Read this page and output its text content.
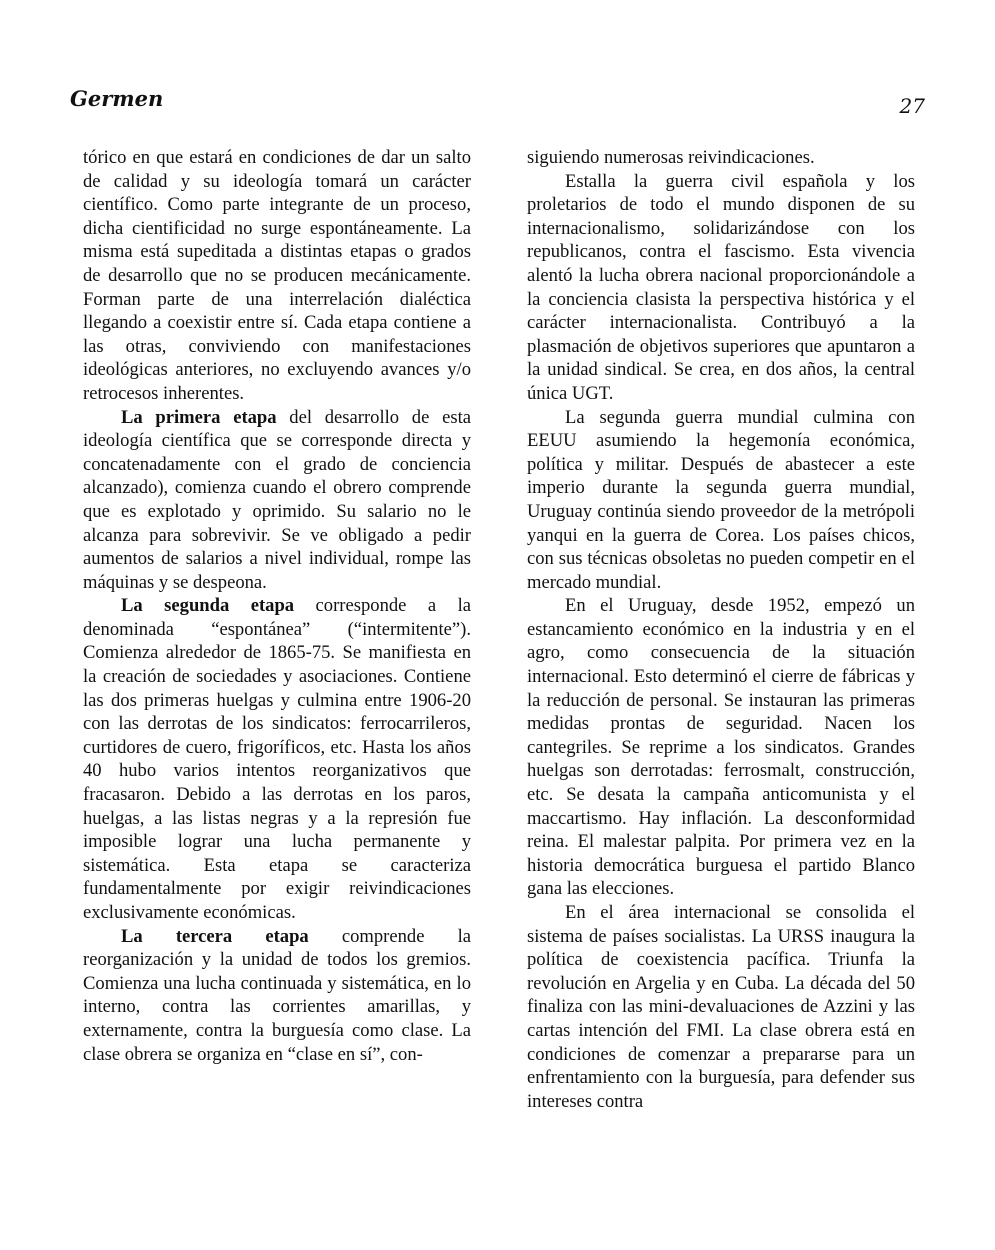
Germen	27

tórico en que estará en condiciones de dar un salto de calidad y su ideología tomará un carácter científico. Como parte integrante de un proceso, dicha cientificidad no surge espontáneamente. La misma está supeditada a distintas etapas o grados de desarrollo que no se producen mecánicamente. Forman parte de una interrelación dialéctica llegando a coexistir entre sí. Cada etapa contiene a las otras, conviviendo con manifestaciones ideológicas anteriores, no excluyendo avances y/o retrocesos inherentes.

La primera etapa del desarrollo de esta ideología científica que se corresponde directa y concatenadamente con el grado de conciencia alcanzado), comienza cuando el obrero comprende que es explotado y oprimido. Su salario no le alcanza para sobrevivir. Se ve obligado a pedir aumentos de salarios a nivel individual, rompe las máquinas y se despeona.

La segunda etapa corresponde a la denominada “espontánea” (“intermitente”). Comienza alrededor de 1865-75. Se manifiesta en la creación de sociedades y asociaciones. Contiene las dos primeras huelgas y culmina entre 1906-20 con las derrotas de los sindicatos: ferrocarrileros, curtidores de cuero, frigoríficos, etc. Hasta los años 40 hubo varios intentos reorganizativos que fracasaron. Debido a las derrotas en los paros, huelgas, a las listas negras y a la represión fue imposible lograr una lucha permanente y sistemática. Esta etapa se caracteriza fundamentalmente por exigir reivindicaciones exclusivamente económicas.

La tercera etapa comprende la reorganización y la unidad de todos los gremios. Comienza una lucha continuada y sistemática, en lo interno, contra las corrientes amarillas, y externamente, contra la burguesía como clase. La clase obrera se organiza en “clase en sí”, con-

siguiendo numerosas reivindicaciones.

Estalla la guerra civil española y los proletarios de todo el mundo disponen de su internacionalismo, solidarizándose con los republicanos, contra el fascismo. Esta vivencia alentó la lucha obrera nacional proporcionándole a la conciencia clasista la perspectiva histórica y el carácter internacionalista. Contribuyó a la plasmación de objetivos superiores que apuntaron a la unidad sindical. Se crea, en dos años, la central única UGT.

La segunda guerra mundial culmina con EEUU asumiendo la hegemonía económica, política y militar. Después de abastecer a este imperio durante la segunda guerra mundial, Uruguay continúa siendo proveedor de la metrópoli yanqui en la guerra de Corea. Los países chicos, con sus técnicas obsoletas no pueden competir en el mercado mundial.

En el Uruguay, desde 1952, empezó un estancamiento económico en la industria y en el agro, como consecuencia de la situación internacional. Esto determinó el cierre de fábricas y la reducción de personal. Se instauran las primeras medidas prontas de seguridad. Nacen los cantegriles. Se reprime a los sindicatos. Grandes huelgas son derrotadas: ferrosmalt, construcción, etc. Se desata la campaña anticomunista y el maccartismo. Hay inflación. La desconformidad reina. El malestar palpita. Por primera vez en la historia democrática burguesa el partido Blanco gana las elecciones.

En el área internacional se consolida el sistema de países socialistas. La URSS inaugura la política de coexistencia pacífica. Triunfa la revolución en Argelia y en Cuba. La década del 50 finaliza con las mini-devaluaciones de Azzini y las cartas intención del FMI. La clase obrera está en condiciones de comenzar a prepararse para un enfrentamiento con la burguesía, para defender sus intereses contra
